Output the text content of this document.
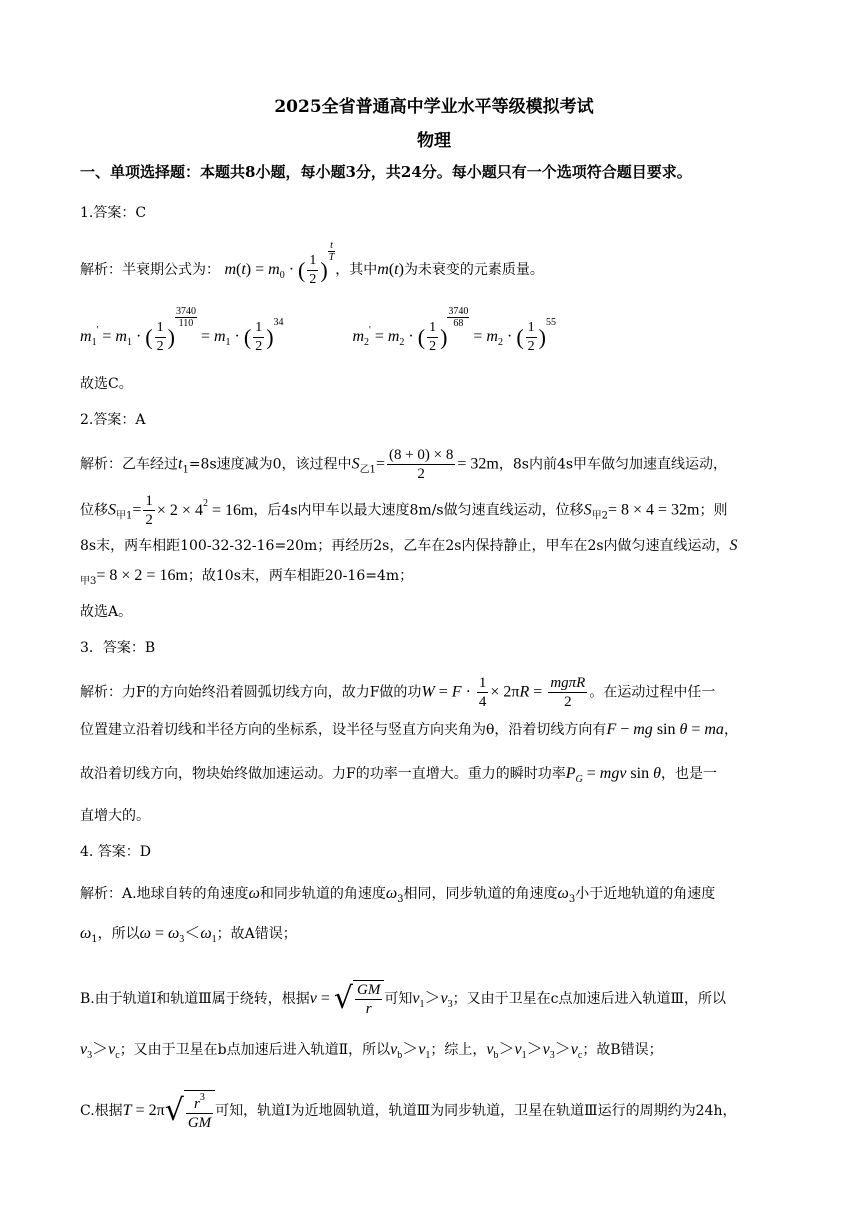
2025全省普通高中学业水平等级模拟考试
物理
一、单项选择题：本题共8小题，每小题3分，共24分。每小题只有一个选项符合题目要求。
1.答案：C
解析：半衰期公式为： $m(t) = m_0$ · ( $\frac{1}{2}$ )
$\frac{t}{T}$
，其中m(t)为未衰变的元素质量。
$m_1' = m_1$ · ( $\frac{1}{2}$ )
$\frac{3740}{110}$
= $m_1$ · ( $\frac{1}{2} )^{34}$  $m_2' = m_2$ · ( $\frac{1}{2}$ )
$\frac{3740}{68}$
= $m_2$ · ( $\frac{1}{2} )^{55}$
故选C。
2.答案：A
解析：乙车经过$t_1=8s$速度减为0，该过程中$S_{乙1}= \frac{(8 + 0) \times 8}{2} = 32m$，8s内前4s甲车做匀加速直线运动，
位移$S_{甲1}= \frac{1}{2} \times 2 \times 4^2 = 16m$，后4s内甲车以最大速度8m/s做匀速直线运动，位移$S_{甲2}= 8 \times 4 = 32m$；则
8s末，两车相距100-32-32-16=20m；再经历2s，乙车在2s内保持静止，甲车在2s内做匀速直线运动，S
$_{甲3}$= 8 × 2 = 16m；故10s末，两车相距20-16=4m；
故选A。
3．答案：B
解析：力F的方向始终沿着圆弧切线方向，故力F做的功$W = F \cdot \frac{1}{4} \times 2\pi R = \frac{\text{mgπR}}{2}$ 。在运动过程中任一
位置建立沿着切线和半径方向的坐标系，设半径与竖直方向夹角为θ，沿着切线方向有F − mg sin θ = ma，
故沿着切线方向，物块始终做加速运动。力F的功率一直增大。重力的瞬时功率$P_G$ = mgv sin θ，也是一
直增大的。
4. 答案：D
解析：A.地球自转的角速度ω和同步轨道的角速度$\omega_3$相同，同步轨道的角速度$\omega_3$小于近地轨道的角速度
$\omega_1$，所以$\omega = \omega_3<\omega_1$；故A错误；
B.由于轨道Ⅰ和轨道Ⅲ属于绕转，根据v = √ $\frac{GM}{r}$ 可知$v_1>v_3$；又由于卫星在c点加速后进入轨道Ⅲ，所以
$v_3>v_c$；又由于卫星在b点加速后进入轨道Ⅱ，所以$v_b>v_1$；综上，$v_b>v_1>v_3>v_c$；故B错误；
C.根据$T = 2\pi√ \frac{r^3}{GM}$ 可知，轨道Ⅰ为近地圆轨道，轨道Ⅲ为同步轨道，卫星在轨道Ⅲ运行的周期约为24h，
